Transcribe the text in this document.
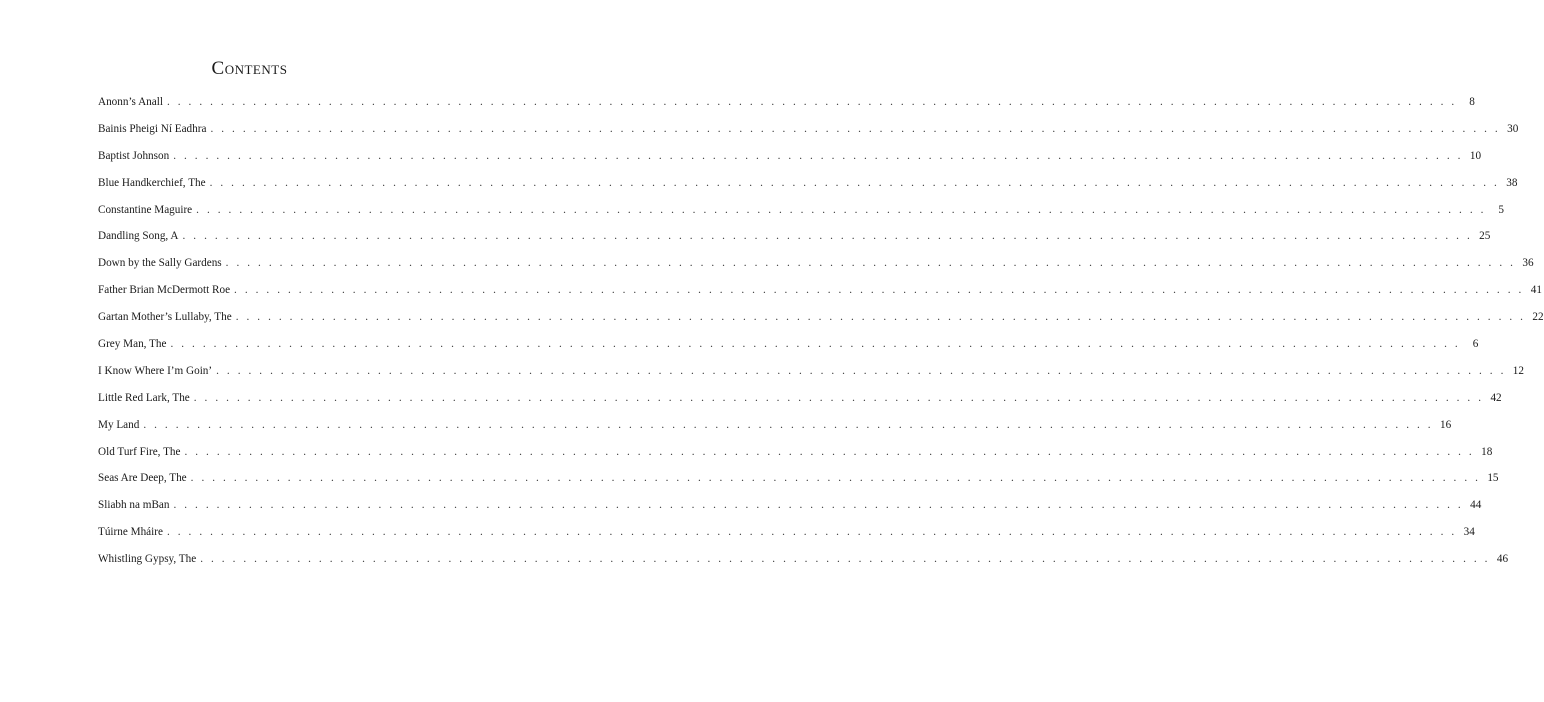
Contents
Anonn’s Anall . . . . . . . . . . . . . . . . . . . . . . . . . . . . . . . . . . . . . . . . . . . . . . . . . . . . . . . . . . . . . . . . . . . . . . . . . . . . . . . . . . . . . . . . . . . . . . . . . . . . . . . . . . . . . . . . . . . . . . . .	8
Bainis Pheigi Ní Eadhra . . . . . . . . . . . . . . . . . . . . . . . . . . . . . . . . . . . . . . . . . . . . . . . . . . . . . . . . . . . . . . . . . . . . . . . . . . . . . . . . . . . . . . . . . . . . . . . . . . . . . . . . . . . . . . . . . . . . . . . . 30
Baptist Johnson . . . . . . . . . . . . . . . . . . . . . . . . . . . . . . . . . . . . . . . . . . . . . . . . . . . . . . . . . . . . . . . . . . . . . . . . . . . . . . . . . . . . . . . . . . . . . . . . . . . . . . . . . . . . . . . . . . . . . . . . 10
Blue Handkerchief, The . . . . . . . . . . . . . . . . . . . . . . . . . . . . . . . . . . . . . . . . . . . . . . . . . . . . . . . . . . . . . . . . . . . . . . . . . . . . . . . . . . . . . . . . . . . . . . . . . . . . . . . . . . . . . . . . . . . . . . . . 38
Constantine Maguire . . . . . . . . . . . . . . . . . . . . . . . . . . . . . . . . . . . . . . . . . . . . . . . . . . . . . . . . . . . . . . . . . . . . . . . . . . . . . . . . . . . . . . . . . . . . . . . . . . . . . . . . . . . . . . . . . . . . . . . .	5
Dandling Song, A . . . . . . . . . . . . . . . . . . . . . . . . . . . . . . . . . . . . . . . . . . . . . . . . . . . . . . . . . . . . . . . . . . . . . . . . . . . . . . . . . . . . . . . . . . . . . . . . . . . . . . . . . . . . . . . . . . . . . . . . 25
Down by the Sally Gardens . . . . . . . . . . . . . . . . . . . . . . . . . . . . . . . . . . . . . . . . . . . . . . . . . . . . . . . . . . . . . . . . . . . . . . . . . . . . . . . . . . . . . . . . . . . . . . . . . . . . . . . . . . . . . . . . . . . . . . . . 36
Father Brian McDermott Roe . . . . . . . . . . . . . . . . . . . . . . . . . . . . . . . . . . . . . . . . . . . . . . . . . . . . . . . . . . . . . . . . . . . . . . . . . . . . . . . . . . . . . . . . . . . . . . . . . . . . . . . . . . . . . . . . . . . . . . . . 41
Gartan Mother’s Lullaby, The . . . . . . . . . . . . . . . . . . . . . . . . . . . . . . . . . . . . . . . . . . . . . . . . . . . . . . . . . . . . . . . . . . . . . . . . . . . . . . . . . . . . . . . . . . . . . . . . . . . . . . . . . . . . . . . . . . . . . . . . 22
Grey Man, The . . . . . . . . . . . . . . . . . . . . . . . . . . . . . . . . . . . . . . . . . . . . . . . . . . . . . . . . . . . . . . . . . . . . . . . . . . . . . . . . . . . . . . . . . . . . . . . . . . . . . . . . . . . . . . . . . . . . . . . .	6
I Know Where I’m Goin’ . . . . . . . . . . . . . . . . . . . . . . . . . . . . . . . . . . . . . . . . . . . . . . . . . . . . . . . . . . . . . . . . . . . . . . . . . . . . . . . . . . . . . . . . . . . . . . . . . . . . . . . . . . . . . . . . . . . . . . . . 12
Little Red Lark, The . . . . . . . . . . . . . . . . . . . . . . . . . . . . . . . . . . . . . . . . . . . . . . . . . . . . . . . . . . . . . . . . . . . . . . . . . . . . . . . . . . . . . . . . . . . . . . . . . . . . . . . . . . . . . . . . . . . . . . . . 42
My Land . . . . . . . . . . . . . . . . . . . . . . . . . . . . . . . . . . . . . . . . . . . . . . . . . . . . . . . . . . . . . . . . . . . . . . . . . . . . . . . . . . . . . . . . . . . . . . . . . . . . . . . . . . . . . . . . . . . . . . . . 16
Old Turf Fire, The . . . . . . . . . . . . . . . . . . . . . . . . . . . . . . . . . . . . . . . . . . . . . . . . . . . . . . . . . . . . . . . . . . . . . . . . . . . . . . . . . . . . . . . . . . . . . . . . . . . . . . . . . . . . . . . . . . . . . . . . 18
Seas Are Deep, The . . . . . . . . . . . . . . . . . . . . . . . . . . . . . . . . . . . . . . . . . . . . . . . . . . . . . . . . . . . . . . . . . . . . . . . . . . . . . . . . . . . . . . . . . . . . . . . . . . . . . . . . . . . . . . . . . . . . . . . . 15
Sliabh na mBan . . . . . . . . . . . . . . . . . . . . . . . . . . . . . . . . . . . . . . . . . . . . . . . . . . . . . . . . . . . . . . . . . . . . . . . . . . . . . . . . . . . . . . . . . . . . . . . . . . . . . . . . . . . . . . . . . . . . . . . . 44
Túirne Mháire . . . . . . . . . . . . . . . . . . . . . . . . . . . . . . . . . . . . . . . . . . . . . . . . . . . . . . . . . . . . . . . . . . . . . . . . . . . . . . . . . . . . . . . . . . . . . . . . . . . . . . . . . . . . . . . . . . . . . . . . 34
Whistling Gypsy, The . . . . . . . . . . . . . . . . . . . . . . . . . . . . . . . . . . . . . . . . . . . . . . . . . . . . . . . . . . . . . . . . . . . . . . . . . . . . . . . . . . . . . . . . . . . . . . . . . . . . . . . . . . . . . . . . . . . . . . . . 46
